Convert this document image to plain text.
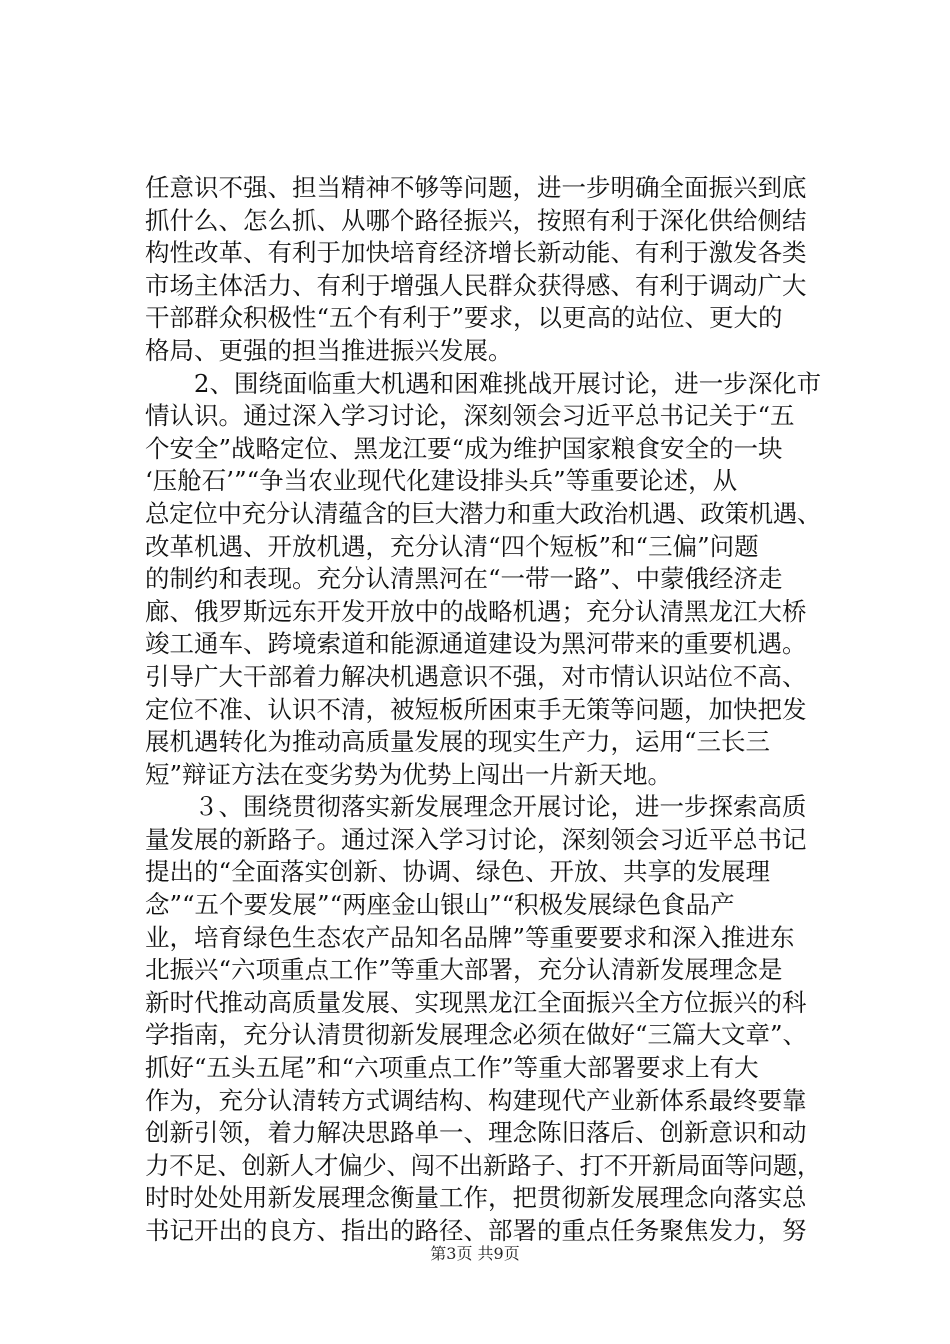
任意识不强、担当精神不够等问题，进一步明确全面振兴到底
抓什么、怎么抓、从哪个路径振兴，按照有利于深化供给侧结
构性改革、有利于加快培育经济增长新动能、有利于激发各类
市场主体活力、有利于增强人民群众获得感、有利于调动广大
干部群众积极性“五个有利于”要求，以更高的站位、更大的
格局、更强的担当推进振兴发展。
　　2、围绕面临重大机遇和困难挑战开展讨论，进一步深化市
情认识。通过深入学习讨论，深刻领会习近平总书记关于“五
个安全”战略定位、黑龙江要“成为维护国家粮食安全的一块
‘压舱石’”“争当农业现代化建设排头兵”等重要论述，从
总定位中充分认清蕴含的巨大潜力和重大政治机遇、政策机遇、
改革机遇、开放机遇，充分认清“四个短板”和“三偏”问题
的制约和表现。充分认清黑河在“一带一路”、中蒙俄经济走
廊、俄罗斯远东开发开放中的战略机遇；充分认清黑龙江大桥
竣工通车、跨境索道和能源通道建设为黑河带来的重要机遇。
引导广大干部着力解决机遇意识不强，对市情认识站位不高、
定位不准、认识不清，被短板所困束手无策等问题，加快把发
展机遇转化为推动高质量发展的现实生产力，运用“三长三
短”辩证方法在变劣势为优势上闯出一片新天地。
　　３、围绕贯彻落实新发展理念开展讨论，进一步探索高质
量发展的新路子。通过深入学习讨论，深刻领会习近平总书记
提出的“全面落实创新、协调、绿色、开放、共享的发展理
念”“五个要发展”“两座金山银山”“积极发展绿色食品产
业，培育绿色生态农产品知名品牌”等重要要求和深入推进东
北振兴“六项重点工作”等重大部署，充分认清新发展理念是
新时代推动高质量发展、实现黑龙江全面振兴全方位振兴的科
学指南，充分认清贯彻新发展理念必须在做好“三篇大文章”、
抓好“五头五尾”和“六项重点工作”等重大部署要求上有大
作为，充分认清转方式调结构、构建现代产业新体系最终要靠
创新引领，着力解决思路单一、理念陈旧落后、创新意识和动
力不足、创新人才偏少、闯不出新路子、打不开新局面等问题，
时时处处用新发展理念衡量工作，把贯彻新发展理念向落实总
书记开出的良方、指出的路径、部署的重点任务聚焦发力，努
第3页 共9页
